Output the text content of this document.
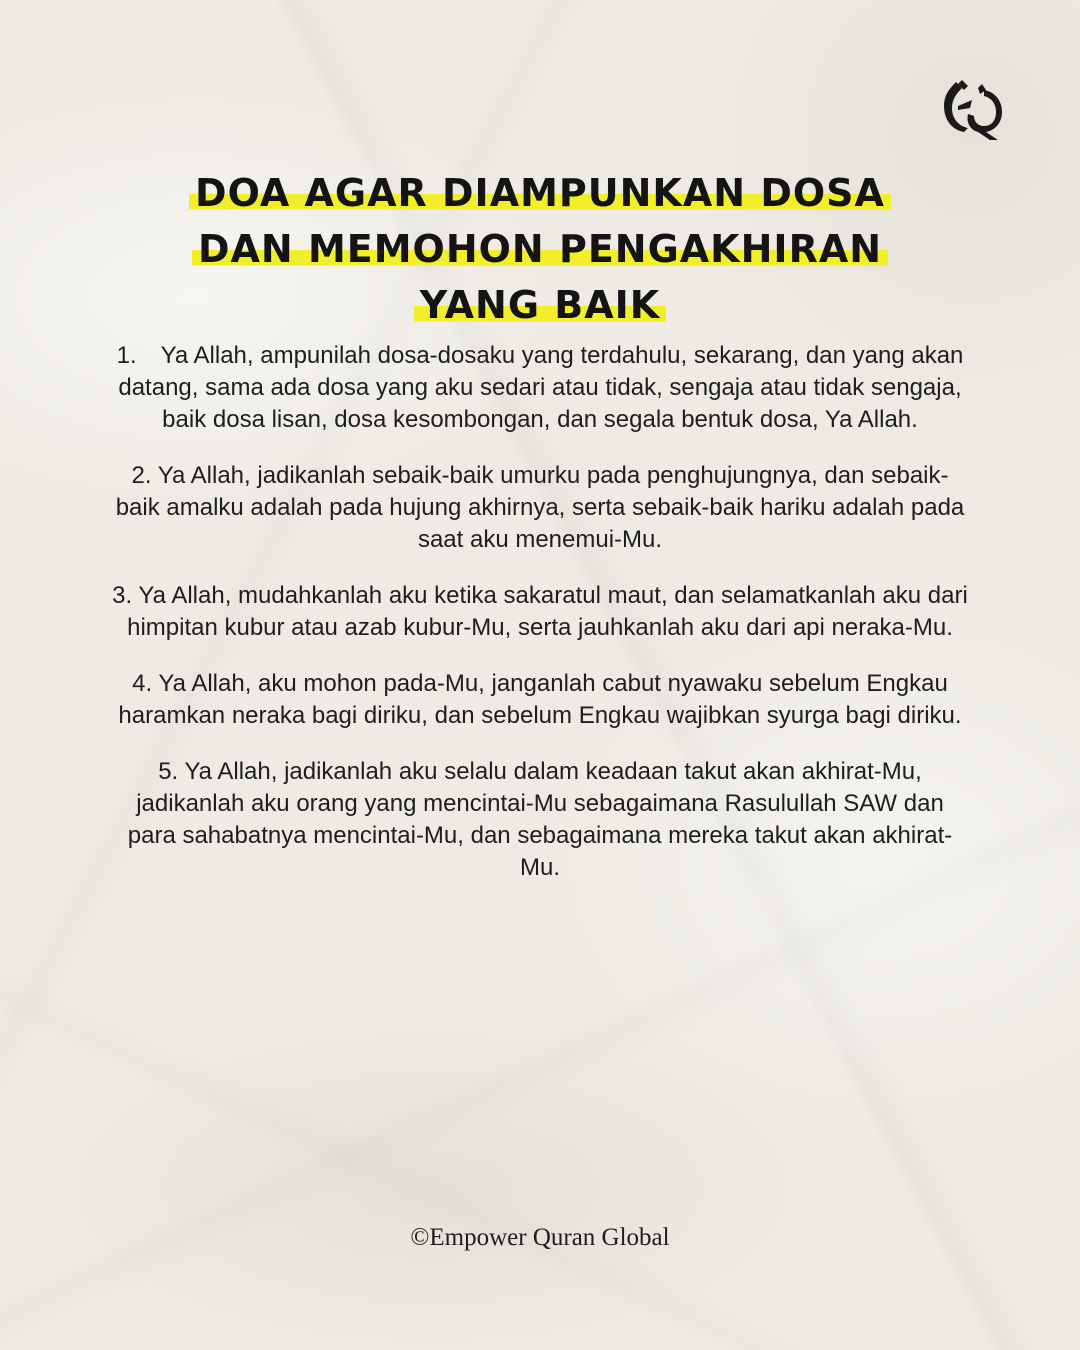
DOA AGAR DIAMPUNKAN DOSA
DAN MEMOHON PENGAKHIRAN
YANG BAIK
1. Ya Allah, ampunilah dosa-dosaku yang terdahulu, sekarang, dan yang akan datang, sama ada dosa yang aku sedari atau tidak, sengaja atau tidak sengaja, baik dosa lisan, dosa kesombongan, dan segala bentuk dosa, Ya Allah.
2. Ya Allah, jadikanlah sebaik-baik umurku pada penghujungnya, dan sebaik-baik amalku adalah pada hujung akhirnya, serta sebaik-baik hariku adalah pada saat aku menemui-Mu.
3. Ya Allah, mudahkanlah aku ketika sakaratul maut, dan selamatkanlah aku dari himpitan kubur atau azab kubur-Mu, serta jauhkanlah aku dari api neraka-Mu.
4. Ya Allah, aku mohon pada-Mu, janganlah cabut nyawaku sebelum Engkau haramkan neraka bagi diriku, dan sebelum Engkau wajibkan syurga bagi diriku.
5. Ya Allah, jadikanlah aku selalu dalam keadaan takut akan akhirat-Mu, jadikanlah aku orang yang mencintai-Mu sebagaimana Rasulullah SAW dan para sahabatnya mencintai-Mu, dan sebagaimana mereka takut akan akhirat-Mu.
©Empower Quran Global
